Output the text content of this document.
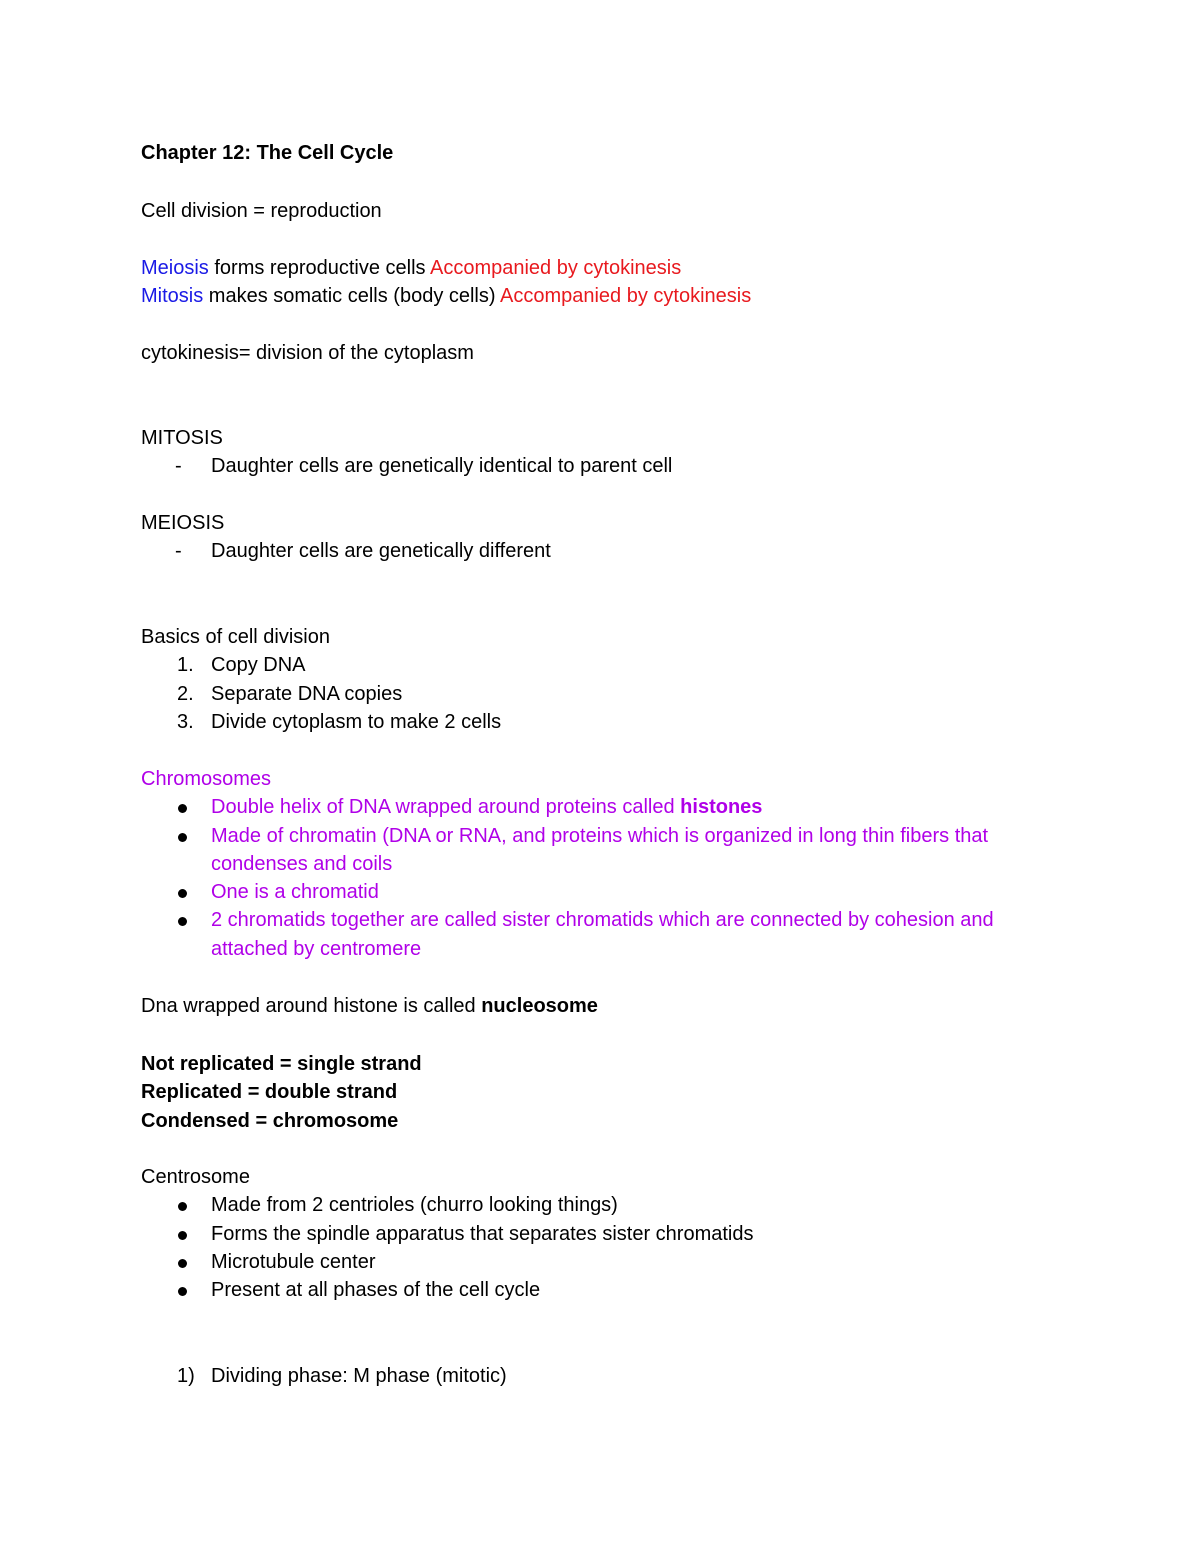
Chapter 12: The Cell Cycle
Cell division = reproduction
Meiosis forms reproductive cells Accompanied by cytokinesis
Mitosis makes somatic cells (body cells) Accompanied by cytokinesis
cytokinesis= division of the cytoplasm
MITOSIS
- Daughter cells are genetically identical to parent cell
MEIOSIS
- Daughter cells are genetically different
Basics of cell division
1. Copy DNA
2. Separate DNA copies
3. Divide cytoplasm to make 2 cells
Chromosomes
Double helix of DNA wrapped around proteins called histones
Made of chromatin (DNA or RNA, and proteins which is organized in long thin fibers that
condenses and coils
One is a chromatid
2 chromatids together are called sister chromatids which are connected by cohesion and
attached by centromere
Dna wrapped around histone is called nucleosome
Not replicated = single strand
Replicated = double strand
Condensed = chromosome
Centrosome
Made from 2 centrioles (churro looking things)
Forms the spindle apparatus that separates sister chromatids
Microtubule center
Present at all phases of the cell cycle
1) Dividing phase: M phase (mitotic)
